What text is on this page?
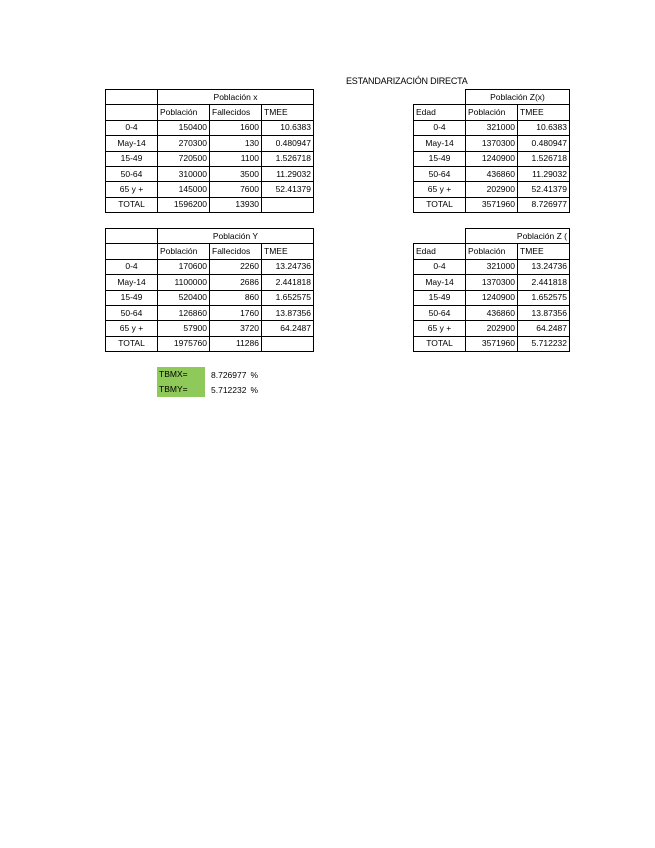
ESTANDARIZACIÓN DIRECTA
	Población x		
	Población	Fallecidos	TMEE
0-4	150400	1600	10.6383
May-14	270300	130	0.480947
15-49	720500	1100	1.526718
50-64	310000	3500	11.29032
65 y +	145000	7600	52.41379
TOTAL	1596200	13930	
	Población Z(x)	
Edad	Población	TMEE
0-4	321000	10.6383
May-14	1370300	0.480947
15-49	1240900	1.526718
50-64	436860	11.29032
65 y +	202900	52.41379
TOTAL	3571960	8.726977
	Población Y		
	Población	Fallecidos	TMEE
0-4	170600	2260	13.24736
May-14	1100000	2686	2.441818
15-49	520400	860	1.652575
50-64	126860	1760	13.87356
65 y +	57900	3720	64.2487
TOTAL	1975760	11286	
	Población Z (	
Edad	Población	TMEE
0-4	321000	13.24736
May-14	1370300	2.441818
15-49	1240900	1.652575
50-64	436860	13.87356
65 y +	202900	64.2487
TOTAL	3571960	5.712232
TBMX=	8.726977 %
TBMY=	5.712232 %
